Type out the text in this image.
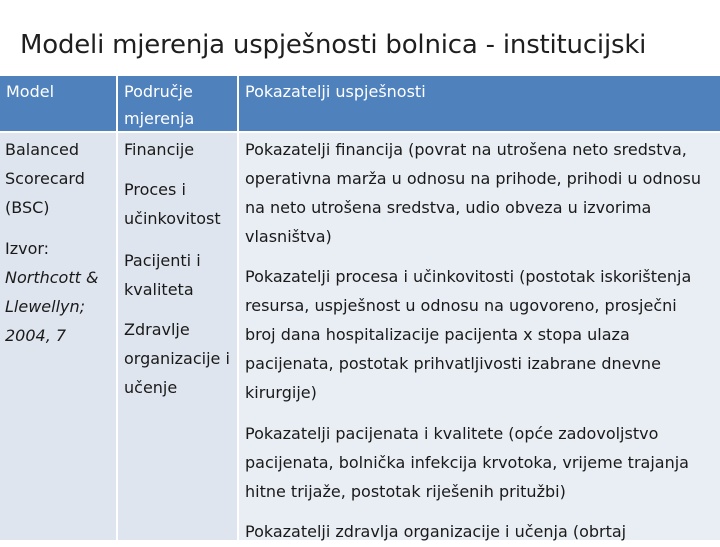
Modeli mjerenja uspješnosti bolnica - institucijski
Model	Područje
mjerenja
Pokazatelji uspješnosti
Balanced
Scorecard
(BSC)
Izvor:
Northcott &
Llewellyn;
2004, 7
Financije
Proces i
učinkovitost
Pacijenti i
kvaliteta
Zdravlje
organizacije i
učenje
Pokazatelji financija (povrat na utrošena neto sredstva,
operativna marža u odnosu na prihode, prihodi u odnosu
na neto utrošena sredstva, udio obveza u izvorima
vlasništva)
Pokazatelji procesa i učinkovitosti (postotak iskorištenja
resursa, uspješnost u odnosu na ugovoreno, prosječni
broj dana hospitalizacije pacijenta x stopa ulaza
pacijenata, postotak prihvatljivosti izabrane dnevne
kirurgije)
Pokazatelji pacijenata i kvalitete (opće zadovoljstvo
pacijenata, bolnička infekcija krvotoka, vrijeme trajanja
hitne trijaže, postotak riješenih pritužbi)
Pokazatelji zdravlja organizacije i učenja (obrtaj
